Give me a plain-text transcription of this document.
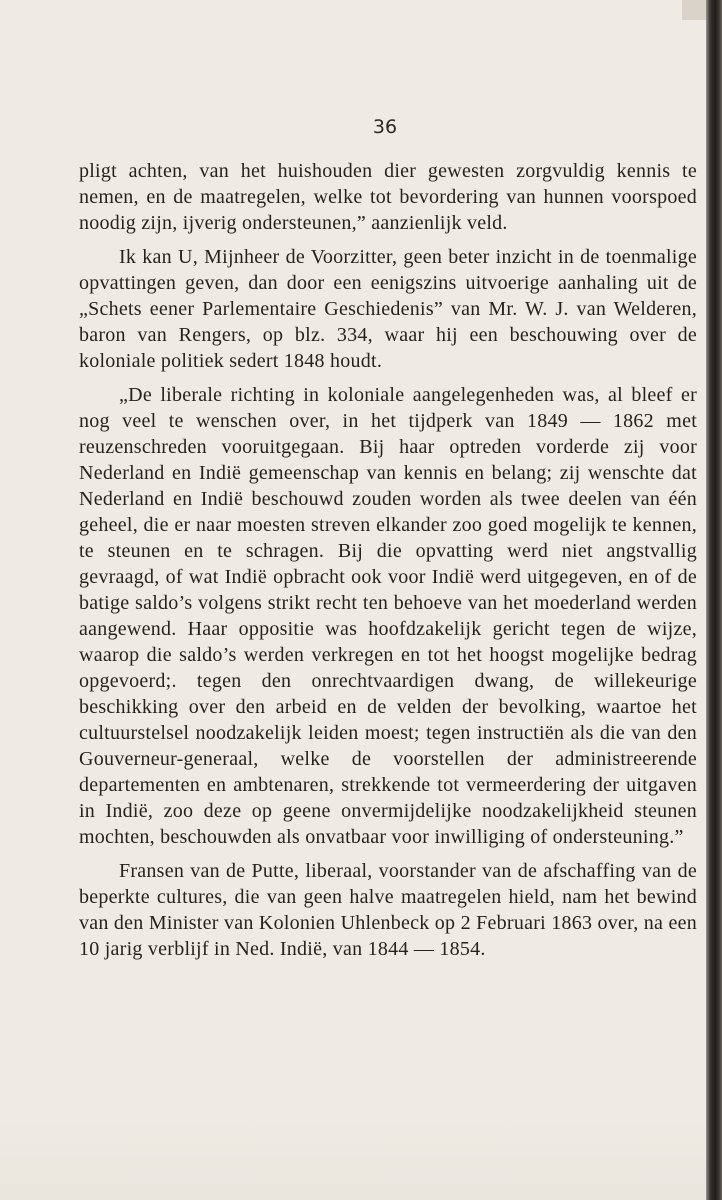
36

pligt achten, van het huishouden dier gewesten zorgvuldig kennis te nemen, en de maatregelen, welke tot bevordering van hunnen voorspoed noodig zijn, ijverig ondersteunen,” aanzienlijk veld.

Ik kan U, Mijnheer de Voorzitter, geen beter inzicht in de toenmalige opvattingen geven, dan door een eenigszins uitvoerige aanhaling uit de „Schets eener Parlementaire Geschiedenis” van Mr. W. J. van Welderen, baron van Rengers, op blz. 334, waar hij een beschouwing over de koloniale politiek sedert 1848 houdt.

„De liberale richting in koloniale aangelegenheden was, al bleef er nog veel te wenschen over, in het tijdperk van 1849 — 1862 met reuzenschreden vooruitgegaan. Bij haar optreden vorderde zij voor Nederland en Indië gemeenschap van kennis en belang; zij wenschte dat Nederland en Indië beschouwd zouden worden als twee deelen van één geheel, die er naar moesten streven elkander zoo goed mogelijk te kennen, te steunen en te schragen. Bij die opvatting werd niet angstvallig gevraagd, of wat Indië opbracht ook voor Indië werd uitgegeven, en of de batige saldo’s volgens strikt recht ten behoeve van het moederland werden aangewend. Haar oppositie was hoofdzakelijk gericht tegen de wijze, waarop die saldo’s werden verkregen en tot het hoogst mogelijke bedrag opgevoerd;. tegen den onrechtvaardigen dwang, de willekeurige beschikking over den arbeid en de velden der bevolking, waartoe het cultuurstelsel noodzakelijk leiden moest; tegen instructiën als die van den Gouverneur-generaal, welke de voorstellen der administreerende departementen en ambtenaren, strekkende tot vermeerdering der uitgaven in Indië, zoo deze op geene onvermijdelijke noodzakelijkheid steunen mochten, beschouwden als onvatbaar voor inwilliging of ondersteuning.”

Fransen van de Putte, liberaal, voorstander van de afschaffing van de beperkte cultures, die van geen halve maatregelen hield, nam het bewind van den Minister van Kolonien Uhlenbeck op 2 Februari 1863 over, na een 10 jarig verblijf in Ned. Indië, van 1844 — 1854.
